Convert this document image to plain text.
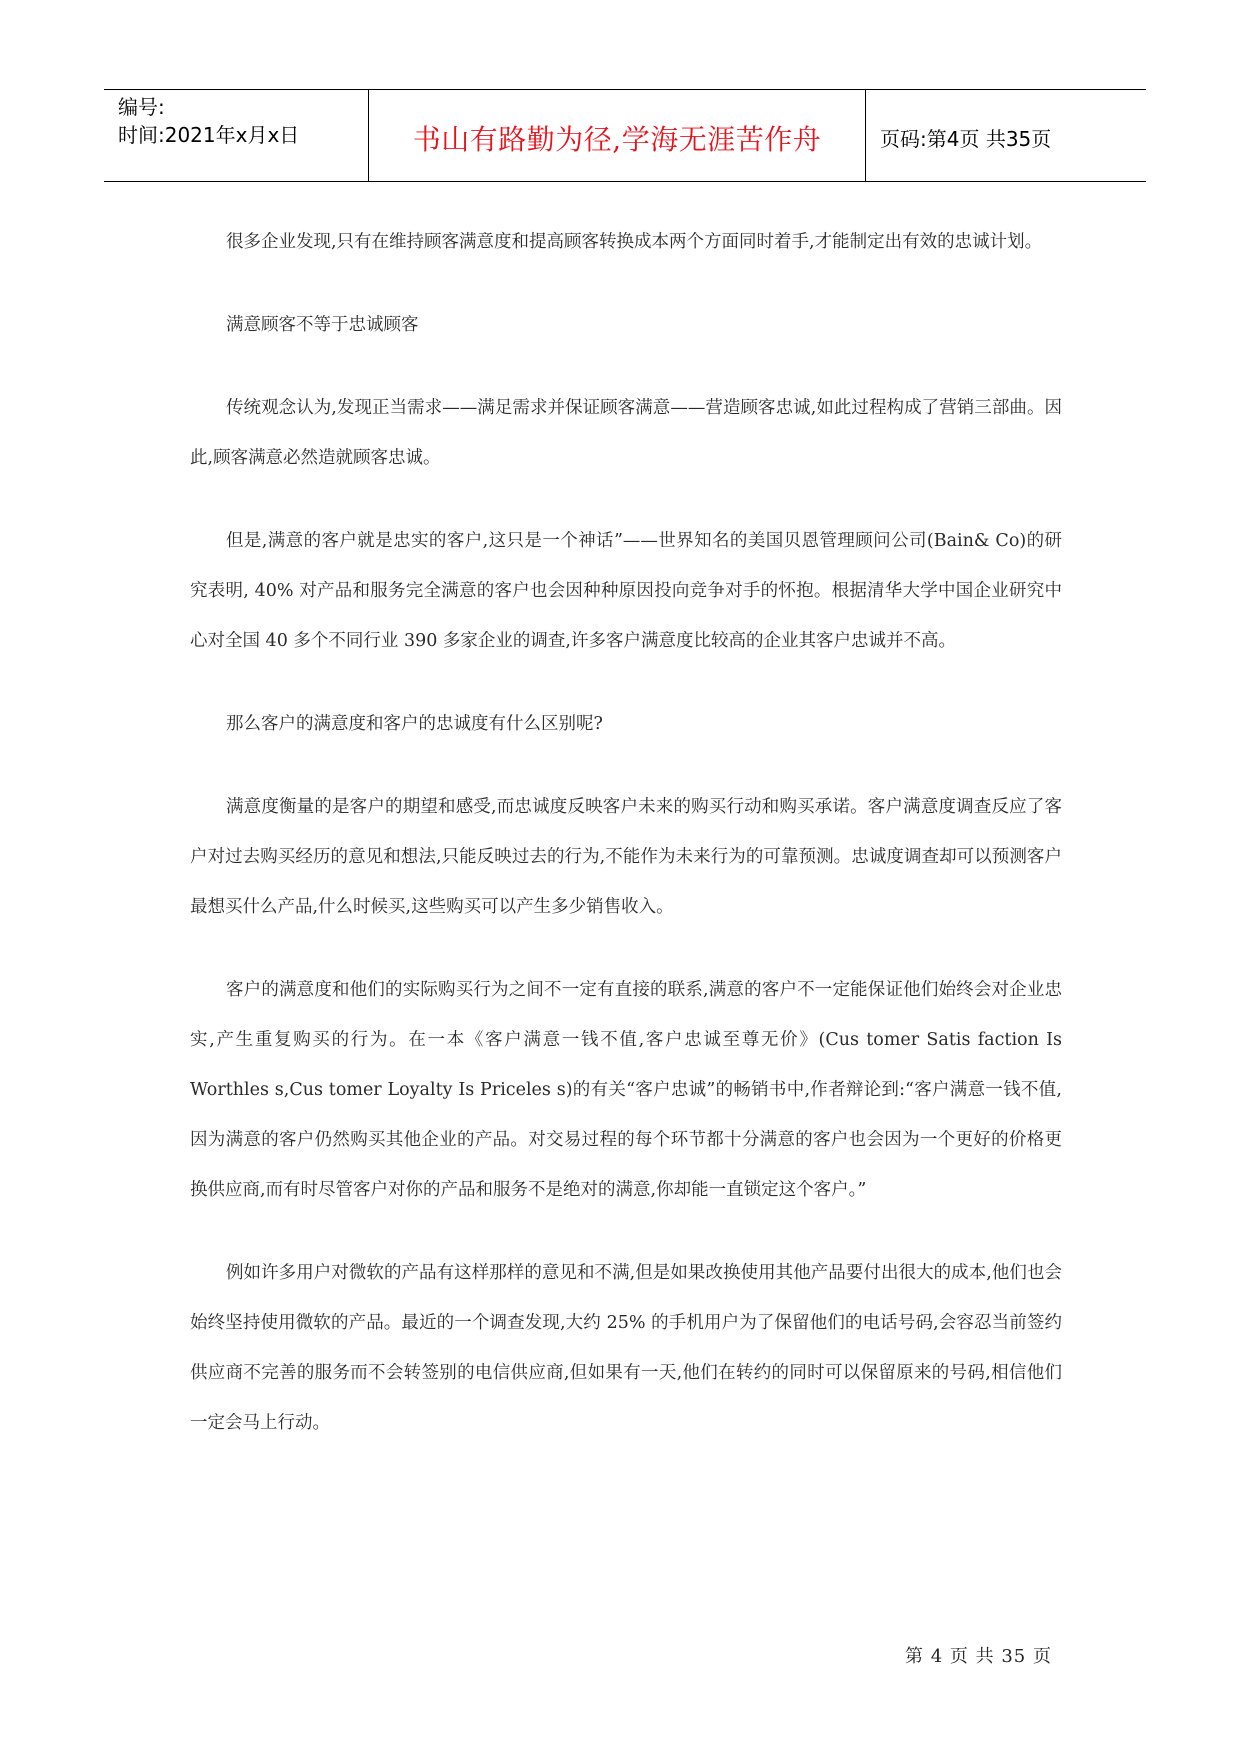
编号:
时间:2021年x月x日	书山有路勤为径,学海无涯苦作舟	页码:第4页 共35页

很多企业发现,只有在维持顾客满意度和提高顾客转换成本两个方面同时着手,才能制定出有效的忠诚计划。

满意顾客不等于忠诚顾客

传统观念认为,发现正当需求——满足需求并保证顾客满意——营造顾客忠诚,如此过程构成了营销三部曲。因此,顾客满意必然造就顾客忠诚。

但是,满意的客户就是忠实的客户,这只是一个神话”——世界知名的美国贝恩管理顾问公司(Bain& Co)的研究表明, 40% 对产品和服务完全满意的客户也会因种种原因投向竞争对手的怀抱。根据清华大学中国企业研究中心对全国 40 多个不同行业 390 多家企业的调查,许多客户满意度比较高的企业其客户忠诚并不高。

那么客户的满意度和客户的忠诚度有什么区别呢?

满意度衡量的是客户的期望和感受,而忠诚度反映客户未来的购买行动和购买承诺。客户满意度调查反应了客户对过去购买经历的意见和想法,只能反映过去的行为,不能作为未来行为的可靠预测。忠诚度调查却可以预测客户最想买什么产品,什么时候买,这些购买可以产生多少销售收入。

客户的满意度和他们的实际购买行为之间不一定有直接的联系,满意的客户不一定能保证他们始终会对企业忠实,产生重复购买的行为。在一本《客户满意一钱不值,客户忠诚至尊无价》(Cus tomer Satis faction Is Worthles s,Cus tomer Loyalty Is Priceles s)的有关“客户忠诚”的畅销书中,作者辩论到:“客户满意一钱不值,因为满意的客户仍然购买其他企业的产品。对交易过程的每个环节都十分满意的客户也会因为一个更好的价格更换供应商,而有时尽管客户对你的产品和服务不是绝对的满意,你却能一直锁定这个客户。”

例如许多用户对微软的产品有这样那样的意见和不满,但是如果改换使用其他产品要付出很大的成本,他们也会始终坚持使用微软的产品。最近的一个调查发现,大约 25% 的手机用户为了保留他们的电话号码,会容忍当前签约供应商不完善的服务而不会转签别的电信供应商,但如果有一天,他们在转约的同时可以保留原来的号码,相信他们一定会马上行动。

第 4 页 共 35 页
